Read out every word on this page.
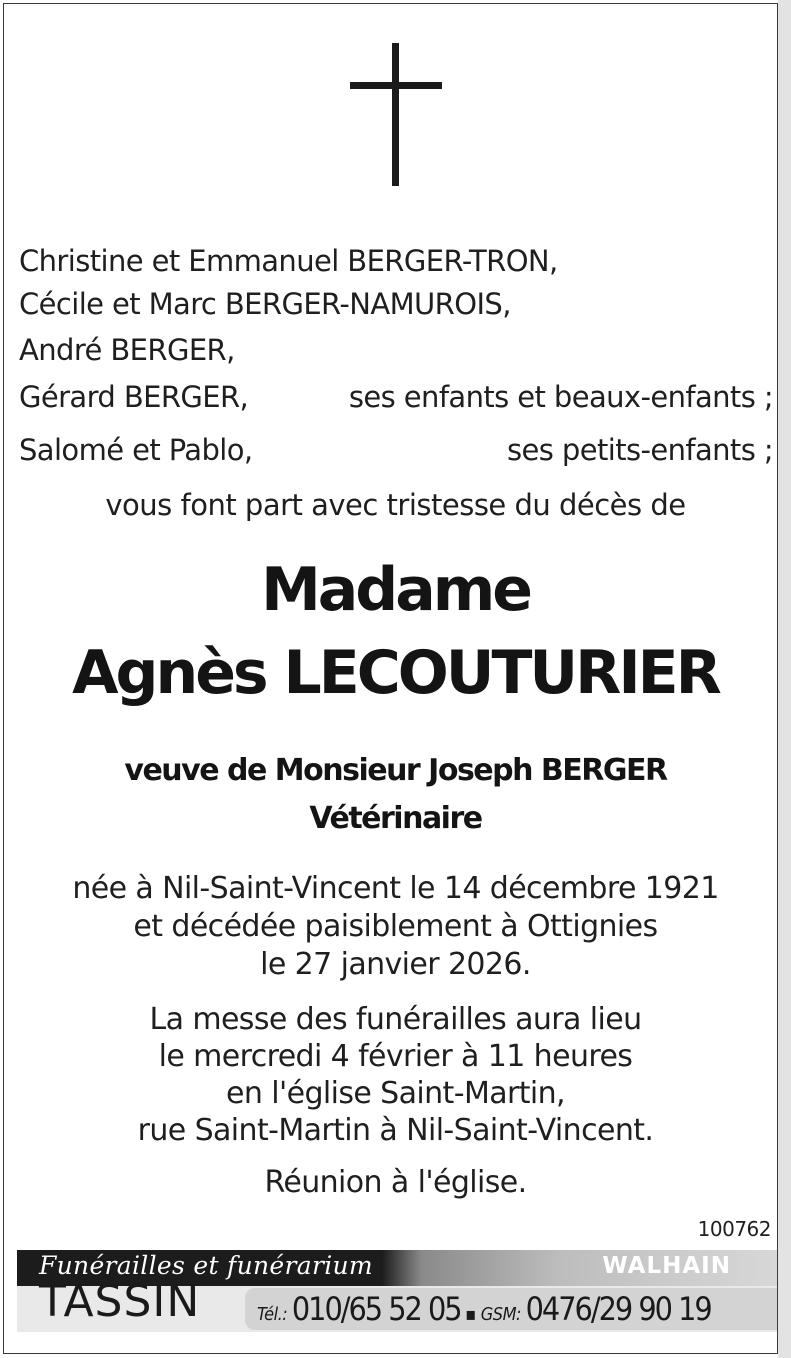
Christine et Emmanuel BERGER-TRON,
Cécile et Marc BERGER-NAMUROIS,
André BERGER,
Gérard BERGER,	ses enfants et beaux-enfants ;
Salomé et Pablo,	ses petits-enfants ;
vous font part avec tristesse du décès de
Madame
Agnès LECOUTURIER
veuve de Monsieur Joseph BERGER
Vétérinaire
née à Nil-Saint-Vincent le 14 décembre 1921
et décédée paisiblement à Ottignies
le 27 janvier 2026.
La messe des funérailles aura lieu
le mercredi 4 février à 11 heures
en l'église Saint-Martin,
rue Saint-Martin à Nil-Saint-Vincent.
Réunion à l'église.
100762
Funérailles et funérarium	WALHAIN
TASSIN	Tél.: 010/65 52 05 ▪ GSM: 0476/29 90 19
